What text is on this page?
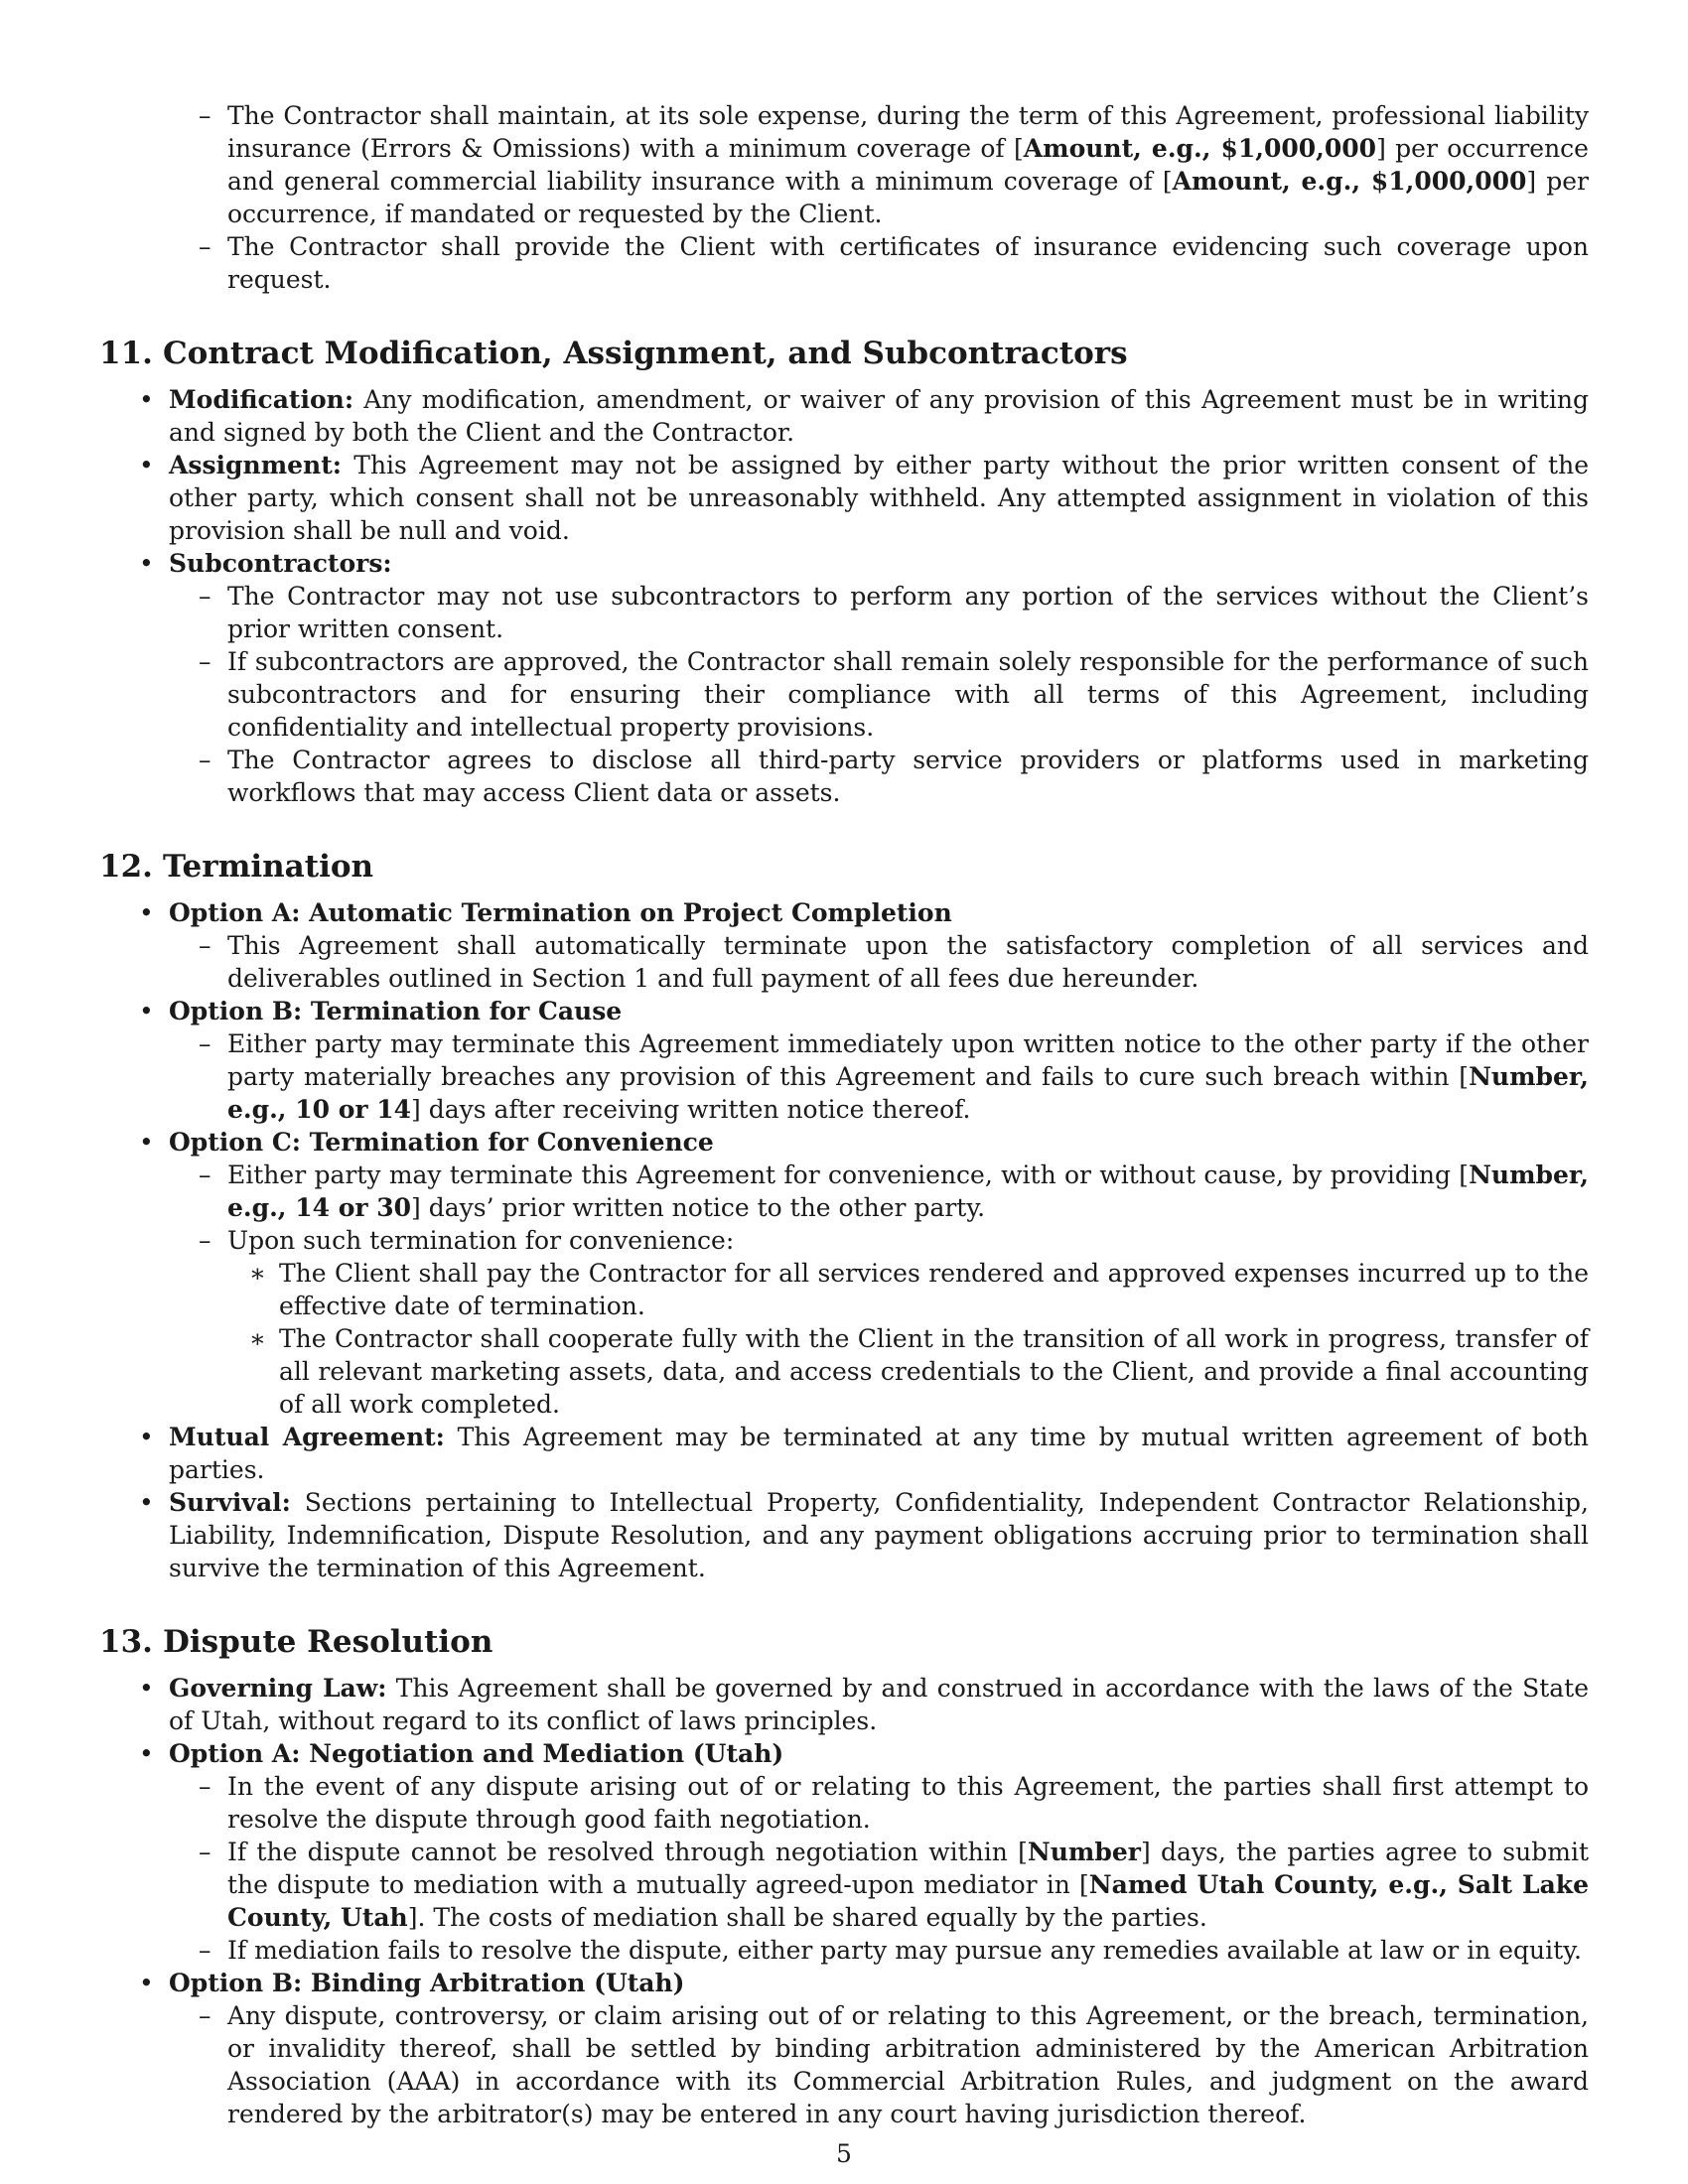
– The Contractor shall maintain, at its sole expense, during the term of this Agreement, professional liability insurance (Errors & Omissions) with a minimum coverage of [Amount, e.g., $1,000,000] per occurrence and general commercial liability insurance with a minimum coverage of [Amount, e.g., $1,000,000] per occurrence, if mandated or requested by the Client.
– The Contractor shall provide the Client with certificates of insurance evidencing such coverage upon request.
11. Contract Modification, Assignment, and Subcontractors
• Modification: Any modification, amendment, or waiver of any provision of this Agreement must be in writing and signed by both the Client and the Contractor.
• Assignment: This Agreement may not be assigned by either party without the prior written consent of the other party, which consent shall not be unreasonably withheld. Any attempted assignment in violation of this provision shall be null and void.
• Subcontractors:
– The Contractor may not use subcontractors to perform any portion of the services without the Client’s prior written consent.
– If subcontractors are approved, the Contractor shall remain solely responsible for the performance of such subcontractors and for ensuring their compliance with all terms of this Agreement, including confidentiality and intellectual property provisions.
– The Contractor agrees to disclose all third-party service providers or platforms used in marketing workflows that may access Client data or assets.
12. Termination
• Option A: Automatic Termination on Project Completion
– This Agreement shall automatically terminate upon the satisfactory completion of all services and deliverables outlined in Section 1 and full payment of all fees due hereunder.
• Option B: Termination for Cause
– Either party may terminate this Agreement immediately upon written notice to the other party if the other party materially breaches any provision of this Agreement and fails to cure such breach within [Number, e.g., 10 or 14] days after receiving written notice thereof.
• Option C: Termination for Convenience
– Either party may terminate this Agreement for convenience, with or without cause, by providing [Number, e.g., 14 or 30] days’ prior written notice to the other party.
– Upon such termination for convenience:
∗ The Client shall pay the Contractor for all services rendered and approved expenses incurred up to the effective date of termination.
∗ The Contractor shall cooperate fully with the Client in the transition of all work in progress, transfer of all relevant marketing assets, data, and access credentials to the Client, and provide a final accounting of all work completed.
• Mutual Agreement: This Agreement may be terminated at any time by mutual written agreement of both parties.
• Survival: Sections pertaining to Intellectual Property, Confidentiality, Independent Contractor Relationship, Liability, Indemnification, Dispute Resolution, and any payment obligations accruing prior to termination shall survive the termination of this Agreement.
13. Dispute Resolution
• Governing Law: This Agreement shall be governed by and construed in accordance with the laws of the State of Utah, without regard to its conflict of laws principles.
• Option A: Negotiation and Mediation (Utah)
– In the event of any dispute arising out of or relating to this Agreement, the parties shall first attempt to resolve the dispute through good faith negotiation.
– If the dispute cannot be resolved through negotiation within [Number] days, the parties agree to submit the dispute to mediation with a mutually agreed-upon mediator in [Named Utah County, e.g., Salt Lake County, Utah]. The costs of mediation shall be shared equally by the parties.
– If mediation fails to resolve the dispute, either party may pursue any remedies available at law or in equity.
• Option B: Binding Arbitration (Utah)
– Any dispute, controversy, or claim arising out of or relating to this Agreement, or the breach, termination, or invalidity thereof, shall be settled by binding arbitration administered by the American Arbitration Association (AAA) in accordance with its Commercial Arbitration Rules, and judgment on the award rendered by the arbitrator(s) may be entered in any court having jurisdiction thereof.
5
